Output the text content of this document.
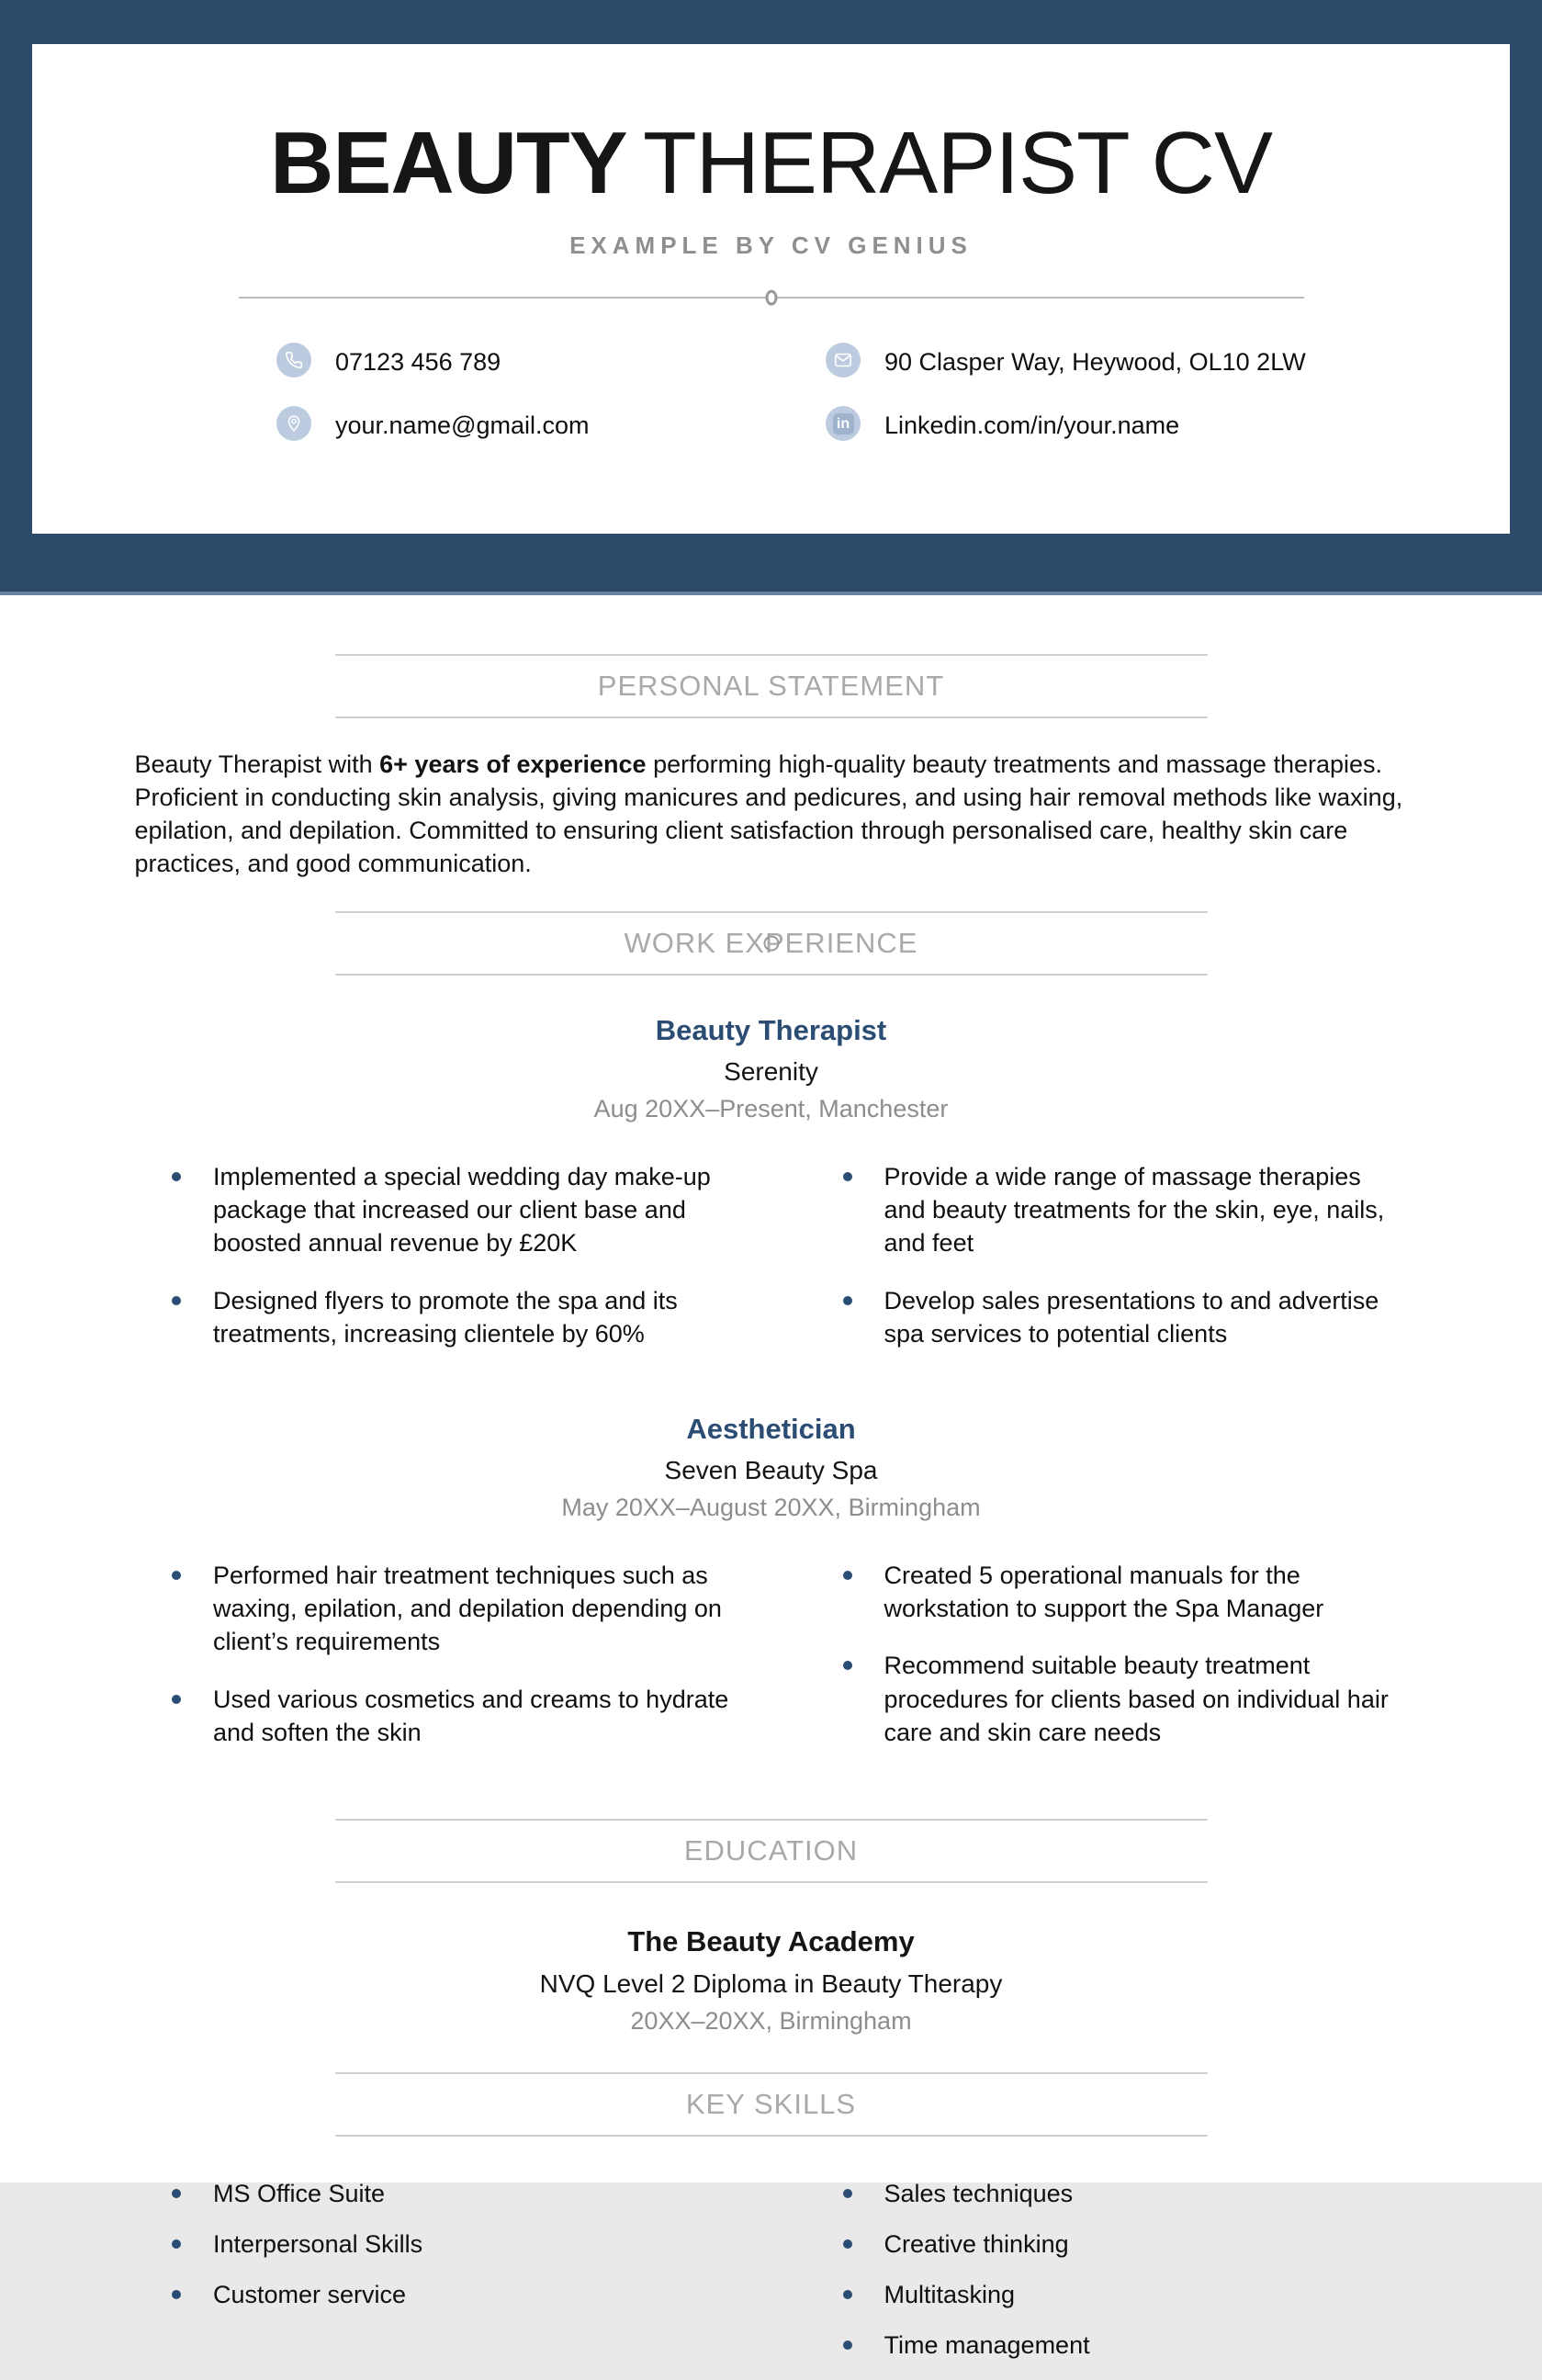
BEAUTY THERAPIST CV
EXAMPLE BY CV GENIUS
07123 456 789	90 Clasper Way, Heywood, OL10 2LW
your.name@gmail.com	in Linkedin.com/in/your.name
PERSONAL STATEMENT

Beauty Therapist with 6+ years of experience performing high-quality beauty treatments and massage therapies. Proficient in conducting skin analysis, giving manicures and pedicures, and using hair removal methods like waxing, epilation, and depilation. Committed to ensuring client satisfaction through personalised care, healthy skin care practices, and good communication.

WORK EXPERIENCE
Beauty Therapist
Serenity
Aug 20XX–Present, Manchester
Implemented a special wedding day make-up package that increased our client base and boosted annual revenue by £20K
Designed flyers to promote the spa and its treatments, increasing clientele by 60%
Provide a wide range of massage therapies and beauty treatments for the skin, eye, nails, and feet
Develop sales presentations to and advertise spa services to potential clients
Aesthetician
Seven Beauty Spa
May 20XX–August 20XX, Birmingham
Performed hair treatment techniques such as waxing, epilation, and depilation depending on client’s requirements
Used various cosmetics and creams to hydrate and soften the skin
Created 5 operational manuals for the workstation to support the Spa Manager
Recommend suitable beauty treatment procedures for clients based on individual hair care and skin care needs
EDUCATION
The Beauty Academy
NVQ Level 2 Diploma in Beauty Therapy
20XX–20XX, Birmingham
KEY SKILLS
MS Office Suite
Interpersonal Skills
Customer service
Sales techniques
Creative thinking
Multitasking
Time management
